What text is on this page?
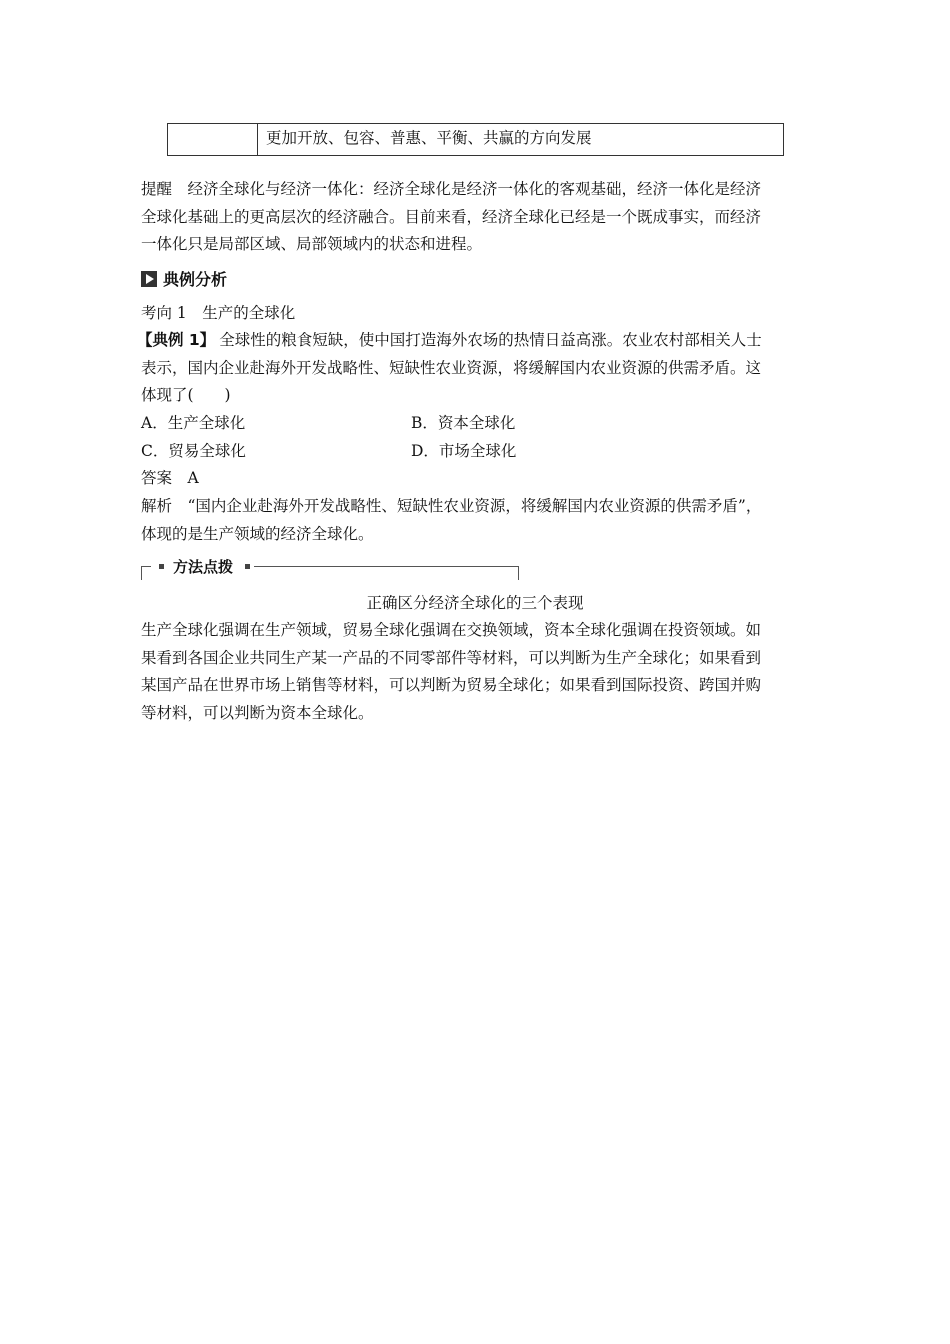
更加开放、包容、普惠、平衡、共赢的方向发展
提醒　经济全球化与经济一体化：经济全球化是经济一体化的客观基础，经济一体化是经济
全球化基础上的更高层次的经济融合。目前来看，经济全球化已经是一个既成事实，而经济
一体化只是局部区域、局部领域内的状态和进程。
典例分析
考向 1　生产的全球化
【典例 1】 全球性的粮食短缺，使中国打造海外农场的热情日益高涨。农业农村部相关人士
表示，国内企业赴海外开发战略性、短缺性农业资源，将缓解国内农业资源的供需矛盾。这
体现了(　　)
A．生产全球化	B．资本全球化
C．贸易全球化	D．市场全球化
答案　A
解析　“国内企业赴海外开发战略性、短缺性农业资源，将缓解国内农业资源的供需矛盾”，
体现的是生产领域的经济全球化。
方法点拨
正确区分经济全球化的三个表现
生产全球化强调在生产领域，贸易全球化强调在交换领域，资本全球化强调在投资领域。如
果看到各国企业共同生产某一产品的不同零部件等材料，可以判断为生产全球化；如果看到
某国产品在世界市场上销售等材料，可以判断为贸易全球化；如果看到国际投资、跨国并购
等材料，可以判断为资本全球化。
